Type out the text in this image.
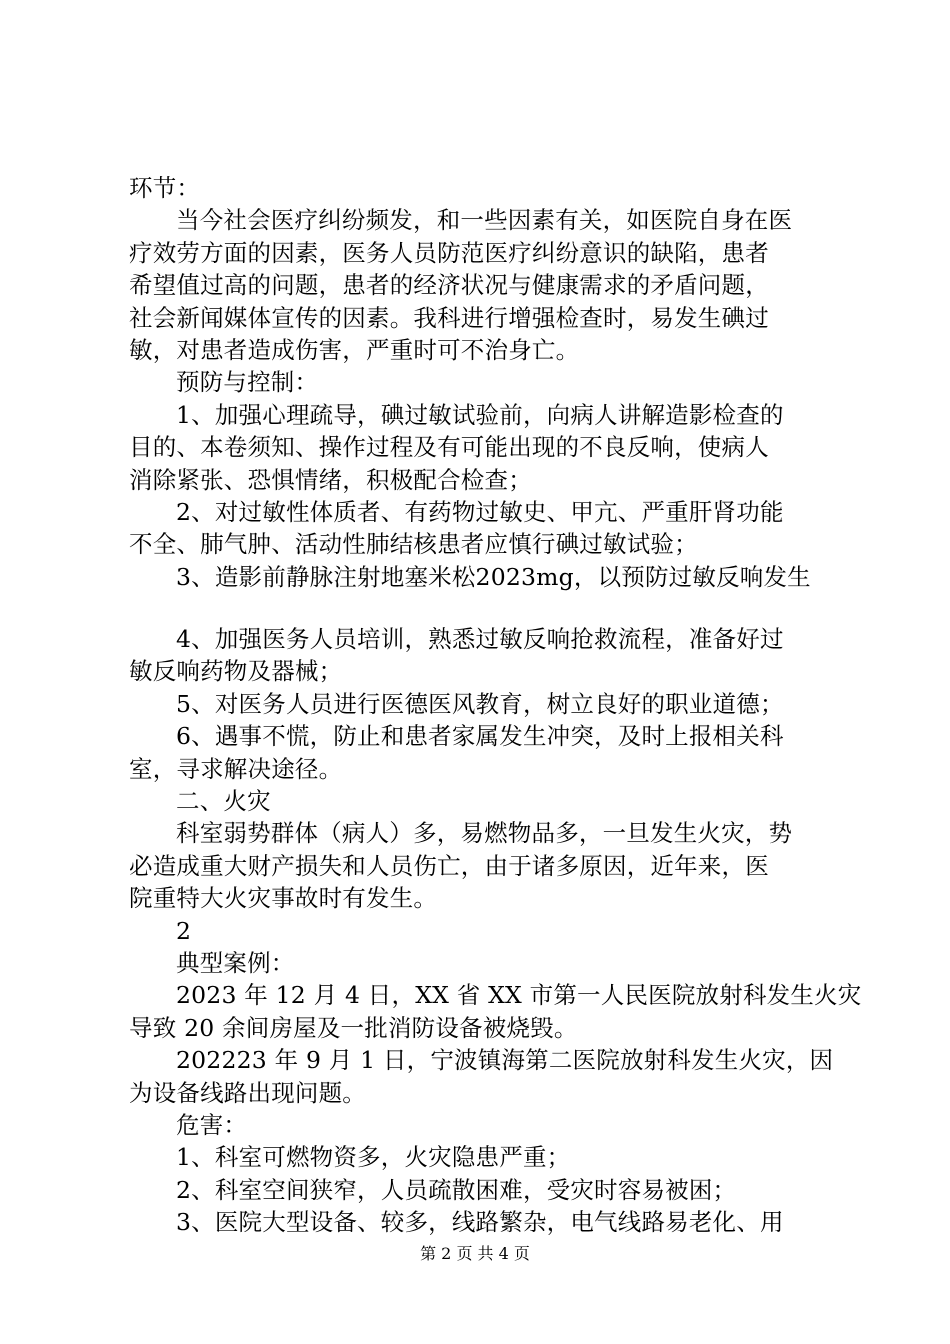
环节：
当今社会医疗纠纷频发，和一些因素有关，如医院自身在医
疗效劳方面的因素，医务人员防范医疗纠纷意识的缺陷，患者
希望值过高的问题，患者的经济状况与健康需求的矛盾问题，
社会新闻媒体宣传的因素。我科进行增强检查时，易发生碘过
敏，对患者造成伤害，严重时可不治身亡。
预防与控制：
1、加强心理疏导，碘过敏试验前，向病人讲解造影检查的
目的、本卷须知、操作过程及有可能出现的不良反响，使病人
消除紧张、恐惧情绪，积极配合检查；
2、对过敏性体质者、有药物过敏史、甲亢、严重肝肾功能
不全、肺气肿、活动性肺结核患者应慎行碘过敏试验；
3、造影前静脉注射地塞米松2023mg，以预防过敏反响发生
4、加强医务人员培训，熟悉过敏反响抢救流程，准备好过
敏反响药物及器械；
5、对医务人员进行医德医风教育，树立良好的职业道德；
6、遇事不慌，防止和患者家属发生冲突，及时上报相关科
室，寻求解决途径。
二、火灾
科室弱势群体（病人）多，易燃物品多，一旦发生火灾，势
必造成重大财产损失和人员伤亡，由于诸多原因，近年来，医
院重特大火灾事故时有发生。
2
典型案例：
2023 年 12 月 4 日，XX 省 XX 市第一人民医院放射科发生火灾
导致 20 余间房屋及一批消防设备被烧毁。
202223 年 9 月 1 日，宁波镇海第二医院放射科发生火灾，因
为设备线路出现问题。
危害：
1、科室可燃物资多，火灾隐患严重；
2、科室空间狭窄，人员疏散困难，受灾时容易被困；
3、医院大型设备、较多，线路繁杂，电气线路易老化、用
第 2 页 共 4 页
